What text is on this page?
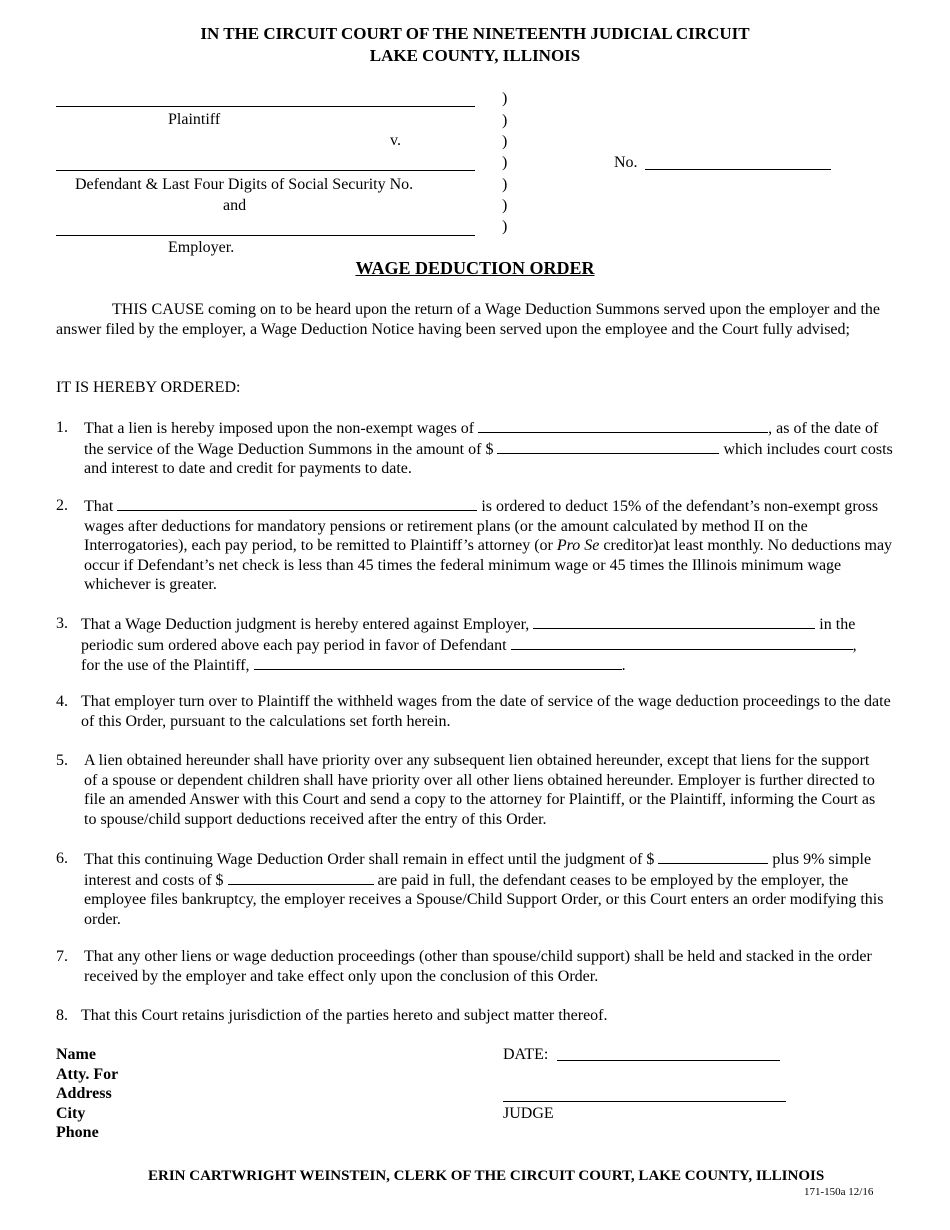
IN THE CIRCUIT COURT OF THE NINETEENTH JUDICIAL CIRCUIT
LAKE COUNTY, ILLINOIS
Plaintiff
v.
Defendant & Last Four Digits of Social Security No.
and
Employer.
)
)
)
)
)
)
)
No.
WAGE DEDUCTION ORDER
THIS CAUSE coming on to be heard upon the return of a Wage Deduction Summons served upon the employer and the answer filed by the employer, a Wage Deduction Notice having been served upon the employee and the Court fully advised;
IT IS HEREBY ORDERED:
1. That a lien is hereby imposed upon the non-exempt wages of	, as of the date of the service of the Wage Deduction Summons in the amount of $	which includes court costs and interest to date and credit for payments to date.
2. That	is ordered to deduct 15% of the defendant’s non-exempt gross wages after deductions for mandatory pensions or retirement plans (or the amount calculated by method II on the Interrogatories), each pay period, to be remitted to Plaintiff’s attorney (or Pro Se creditor)at least monthly. No deductions may occur if Defendant’s net check is less than 45 times the federal minimum wage or 45 times the Illinois minimum wage whichever is greater.
3. That a Wage Deduction judgment is hereby entered against Employer,	in the periodic sum ordered above each pay period in favor of Defendant	,
for the use of the Plaintiff,	.
4. That employer turn over to Plaintiff the withheld wages from the date of service of the wage deduction proceedings to the date of this Order, pursuant to the calculations set forth herein.
5. A lien obtained hereunder shall have priority over any subsequent lien obtained hereunder, except that liens for the support of a spouse or dependent children shall have priority over all other liens obtained hereunder. Employer is further directed to file an amended Answer with this Court and send a copy to the attorney for Plaintiff, or the Plaintiff, informing the Court as to spouse/child support deductions received after the entry of this Order.
6. That this continuing Wage Deduction Order shall remain in effect until the judgment of $	plus 9% simple interest and costs of $	are paid in full, the defendant ceases to be employed by the employer, the employee files bankruptcy, the employer receives a Spouse/Child Support Order, or this Court enters an order modifying this order.
7. That any other liens or wage deduction proceedings (other than spouse/child support) shall be held and stacked in the order received by the employer and take effect only upon the conclusion of this Order.
8. That this Court retains jurisdiction of the parties hereto and subject matter thereof.
Name
Atty. For
Address
City
Phone
DATE:
JUDGE
ERIN CARTWRIGHT WEINSTEIN, CLERK OF THE CIRCUIT COURT, LAKE COUNTY, ILLINOIS
171-150a 12/16
